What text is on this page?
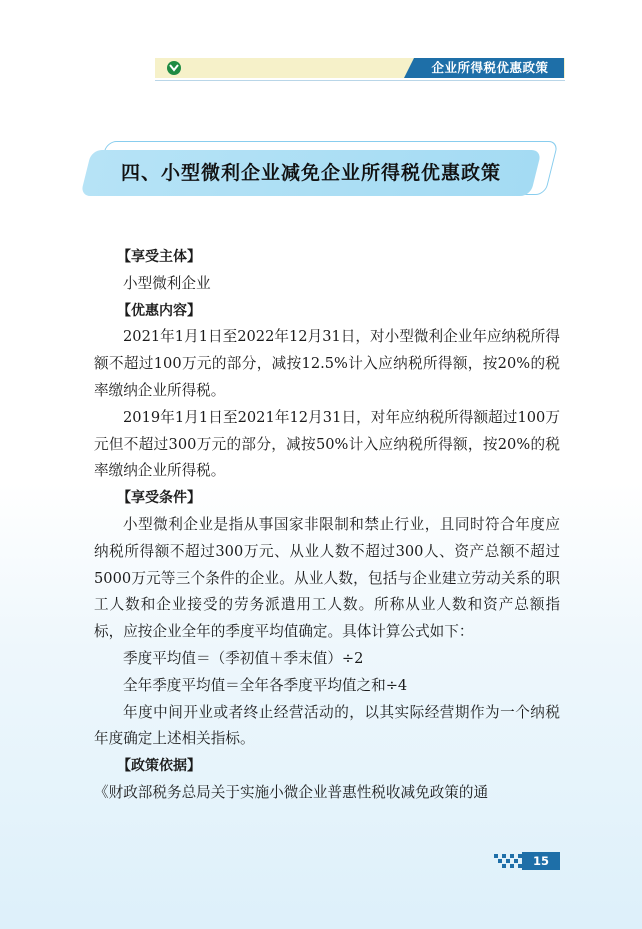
企业所得税优惠政策
四、小型微利企业减免企业所得税优惠政策

【享受主体】

小型微利企业

【优惠内容】

2021年1月1日至2022年12月31日，对小型微利企业年应纳税所得额不超过100万元的部分，减按12.5%计入应纳税所得额，按20%的税率缴纳企业所得税。

2019年1月1日至2021年12月31日，对年应纳税所得额超过100万元但不超过300万元的部分，减按50%计入应纳税所得额，按20%的税率缴纳企业所得税。

【享受条件】

小型微利企业是指从事国家非限制和禁止行业，且同时符合年度应纳税所得额不超过300万元、从业人数不超过300人、资产总额不超过5000万元等三个条件的企业。从业人数，包括与企业建立劳动关系的职工人数和企业接受的劳务派遣用工人数。所称从业人数和资产总额指标，应按企业全年的季度平均值确定。具体计算公式如下：

季度平均值＝（季初值＋季末值）÷2

全年季度平均值＝全年各季度平均值之和÷4

年度中间开业或者终止经营活动的，以其实际经营期作为一个纳税年度确定上述相关指标。

【政策依据】

《财政部税务总局关于实施小微企业普惠性税收减免政策的通

15
